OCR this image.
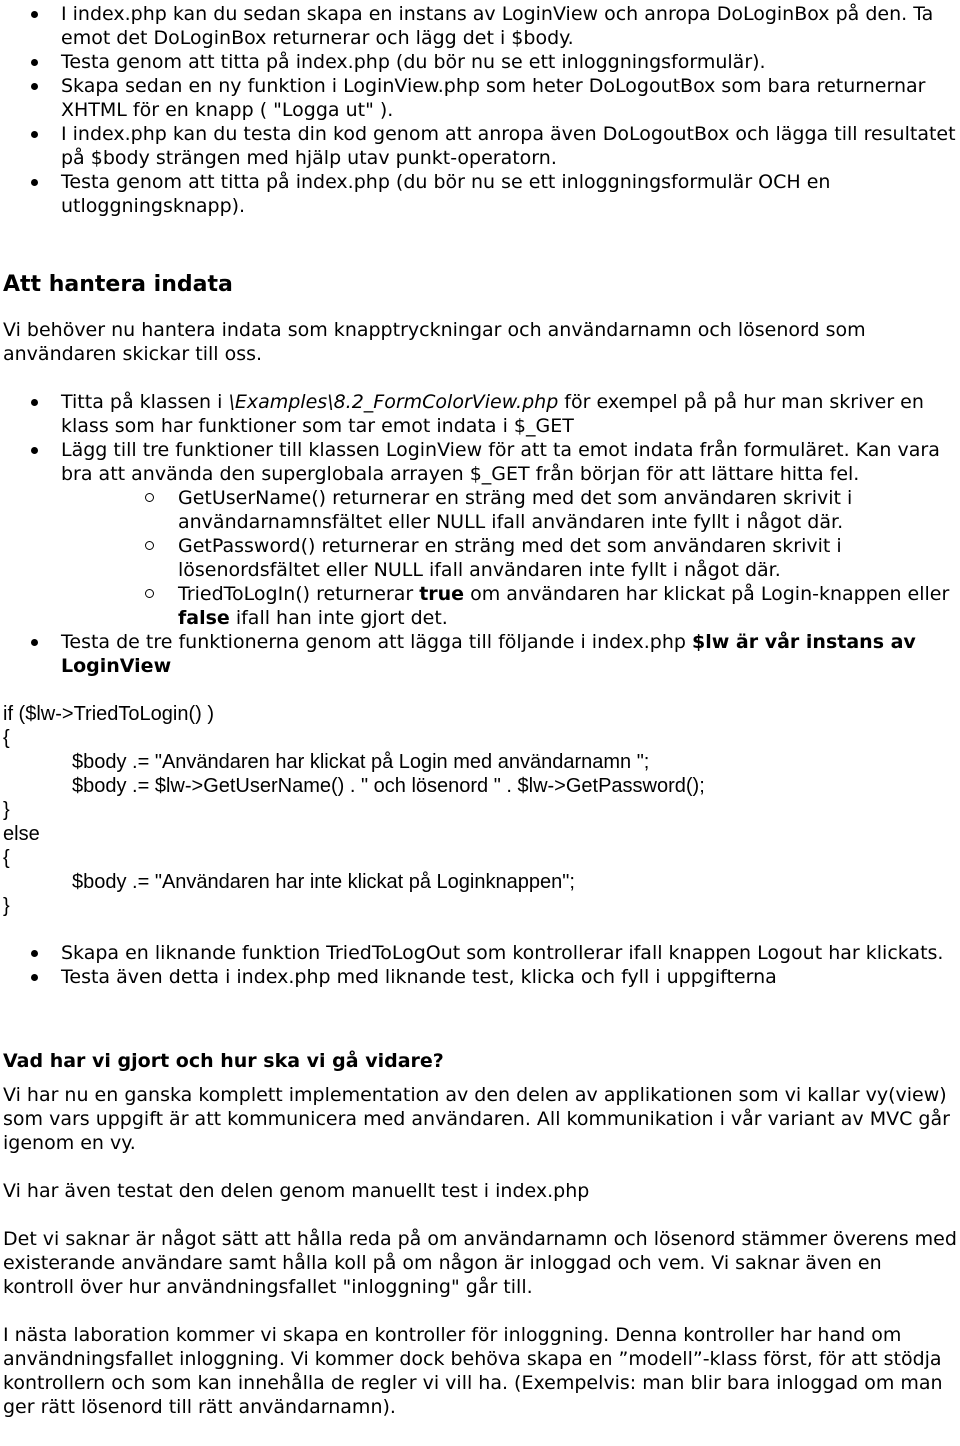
I index.php kan du sedan skapa en instans av LoginView och anropa DoLoginBox på den. Ta emot det DoLoginBox returnerar och lägg det i $body.
Testa genom att titta på index.php (du bör nu se ett inloggningsformulär).
Skapa sedan en ny funktion i LoginView.php som heter DoLogoutBox som bara returnernar XHTML för en knapp ( "Logga ut" ).
I index.php kan du testa din kod genom att anropa även DoLogoutBox och lägga till resultatet på $body strängen med hjälp utav punkt-operatorn.
Testa genom att titta på index.php (du bör nu se ett inloggningsformulär OCH en utloggningsknapp).
Att hantera indata

Vi behöver nu hantera indata som knapptryckningar och användarnamn och lösenord som användaren skickar till oss.

Titta på klassen i \Examples\8.2_FormColorView.php för exempel på på hur man skriver en klass som har funktioner som tar emot indata i $_GET
Lägg till tre funktioner till klassen LoginView för att ta emot indata från formuläret. Kan vara bra att använda den superglobala arrayen $_GET från början för att lättare hitta fel.
GetUserName() returnerar en sträng med det som användaren skrivit i användarnamnsfältet eller NULL ifall användaren inte fyllt i något där.
GetPassword() returnerar en sträng med det som användaren skrivit i lösenordsfältet eller NULL ifall användaren inte fyllt i något där.
TriedToLogIn() returnerar true om användaren har klickat på Login-knappen eller false ifall han inte gjort det.
Testa de tre funktionerna genom att lägga till följande i index.php $lw är vår instans av LoginView
if ($lw->TriedToLogin() )
{
$body .= "Användaren har klickat på Login med användarnamn ";
$body .= $lw->GetUserName() . " och lösenord " . $lw->GetPassword();
}
else
{
$body .= "Användaren har inte klickat på Loginknappen";
}
Skapa en liknande funktion TriedToLogOut som kontrollerar ifall knappen Logout har klickats.
Testa även detta i index.php med liknande test, klicka och fyll i uppgifterna
Vad har vi gjort och hur ska vi gå vidare?

Vi har nu en ganska komplett implementation av den delen av applikationen som vi kallar vy(view) som vars uppgift är att kommunicera med användaren. All kommunikation i vår variant av MVC går igenom en vy.

Vi har även testat den delen genom manuellt test i index.php

Det vi saknar är något sätt att hålla reda på om användarnamn och lösenord stämmer överens med existerande användare samt hålla koll på om någon är inloggad och vem. Vi saknar även en kontroll över hur användningsfallet "inloggning" går till.

I nästa laboration kommer vi skapa en kontroller för inloggning. Denna kontroller har hand om användningsfallet inloggning. Vi kommer dock behöva skapa en ”modell”-klass först, för att stödja kontrollern och som kan innehålla de regler vi vill ha. (Exempelvis: man blir bara inloggad om man ger rätt lösenord till rätt användarnamn).
